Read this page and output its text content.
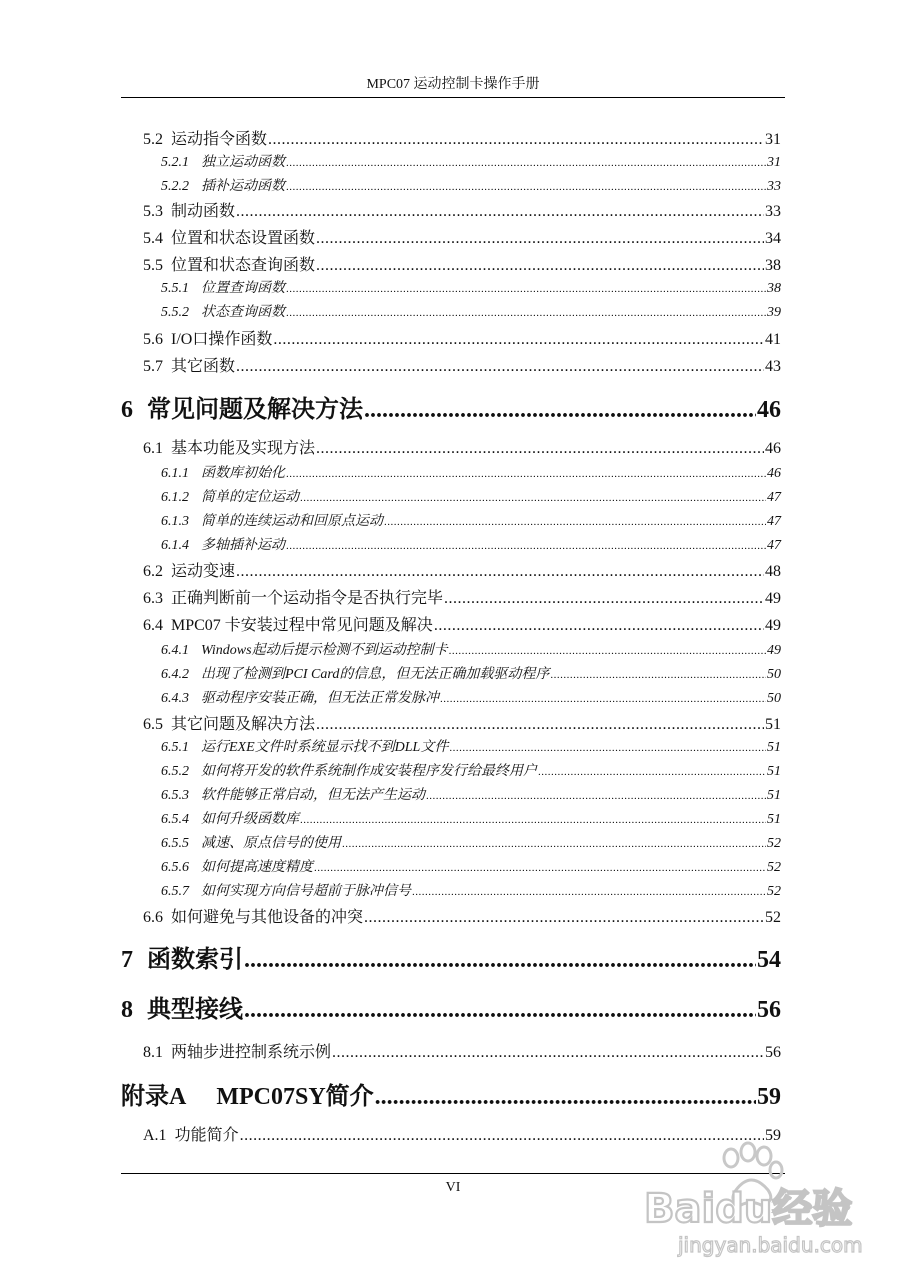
MPC07 运动控制卡操作手册
5.2 运动指令函数 .....	31
5.2.1 独立运动函数 .....	31
5.2.2 插补运动函数 .....	33
5.3 制动函数 .....	33
5.4 位置和状态设置函数 .....	34
5.5 位置和状态查询函数 .....	38
5.5.1 位置查询函数 .....	38
5.5.2 状态查询函数 .....	39
5.6 I/O口操作函数 .....	41
5.7 其它函数 .....	43
6 常见问题及解决方法 .....	46
6.1 基本功能及实现方法 .....	46
6.1.1 函数库初始化 .....	46
6.1.2 简单的定位运动 .....	47
6.1.3 简单的连续运动和回原点运动 .....	47
6.1.4 多轴插补运动 .....	47
6.2 运动变速 .....	48
6.3 正确判断前一个运动指令是否执行完毕 .....	49
6.4 MPC07 卡安装过程中常见问题及解决 .....	49
6.4.1 Windows起动后提示检测不到运动控制卡 .....	49
6.4.2 出现了检测到PCI Card的信息，但无法正确加载驱动程序 .....	50
6.4.3 驱动程序安装正确，但无法正常发脉冲 .....	50
6.5 其它问题及解决方法 .....	51
6.5.1 运行EXE文件时系统显示找不到DLL文件 .....	51
6.5.2 如何将开发的软件系统制作成安装程序发行给最终用户 .....	51
6.5.3 软件能够正常启动，但无法产生运动 .....	51
6.5.4 如何升级函数库 .....	51
6.5.5 减速、原点信号的使用 .....	52
6.5.6 如何提高速度精度 .....	52
6.5.7 如何实现方向信号超前于脉冲信号 .....	52
6.6 如何避免与其他设备的冲突 .....	52
7 函数索引 .....	54
8 典型接线 .....	56
8.1 两轴步进控制系统示例 .....	56
附录A MPC07SY简介 .....	59
A.1 功能简介 .....	59
VI	Baidu经验
jingyan.baidu.com
